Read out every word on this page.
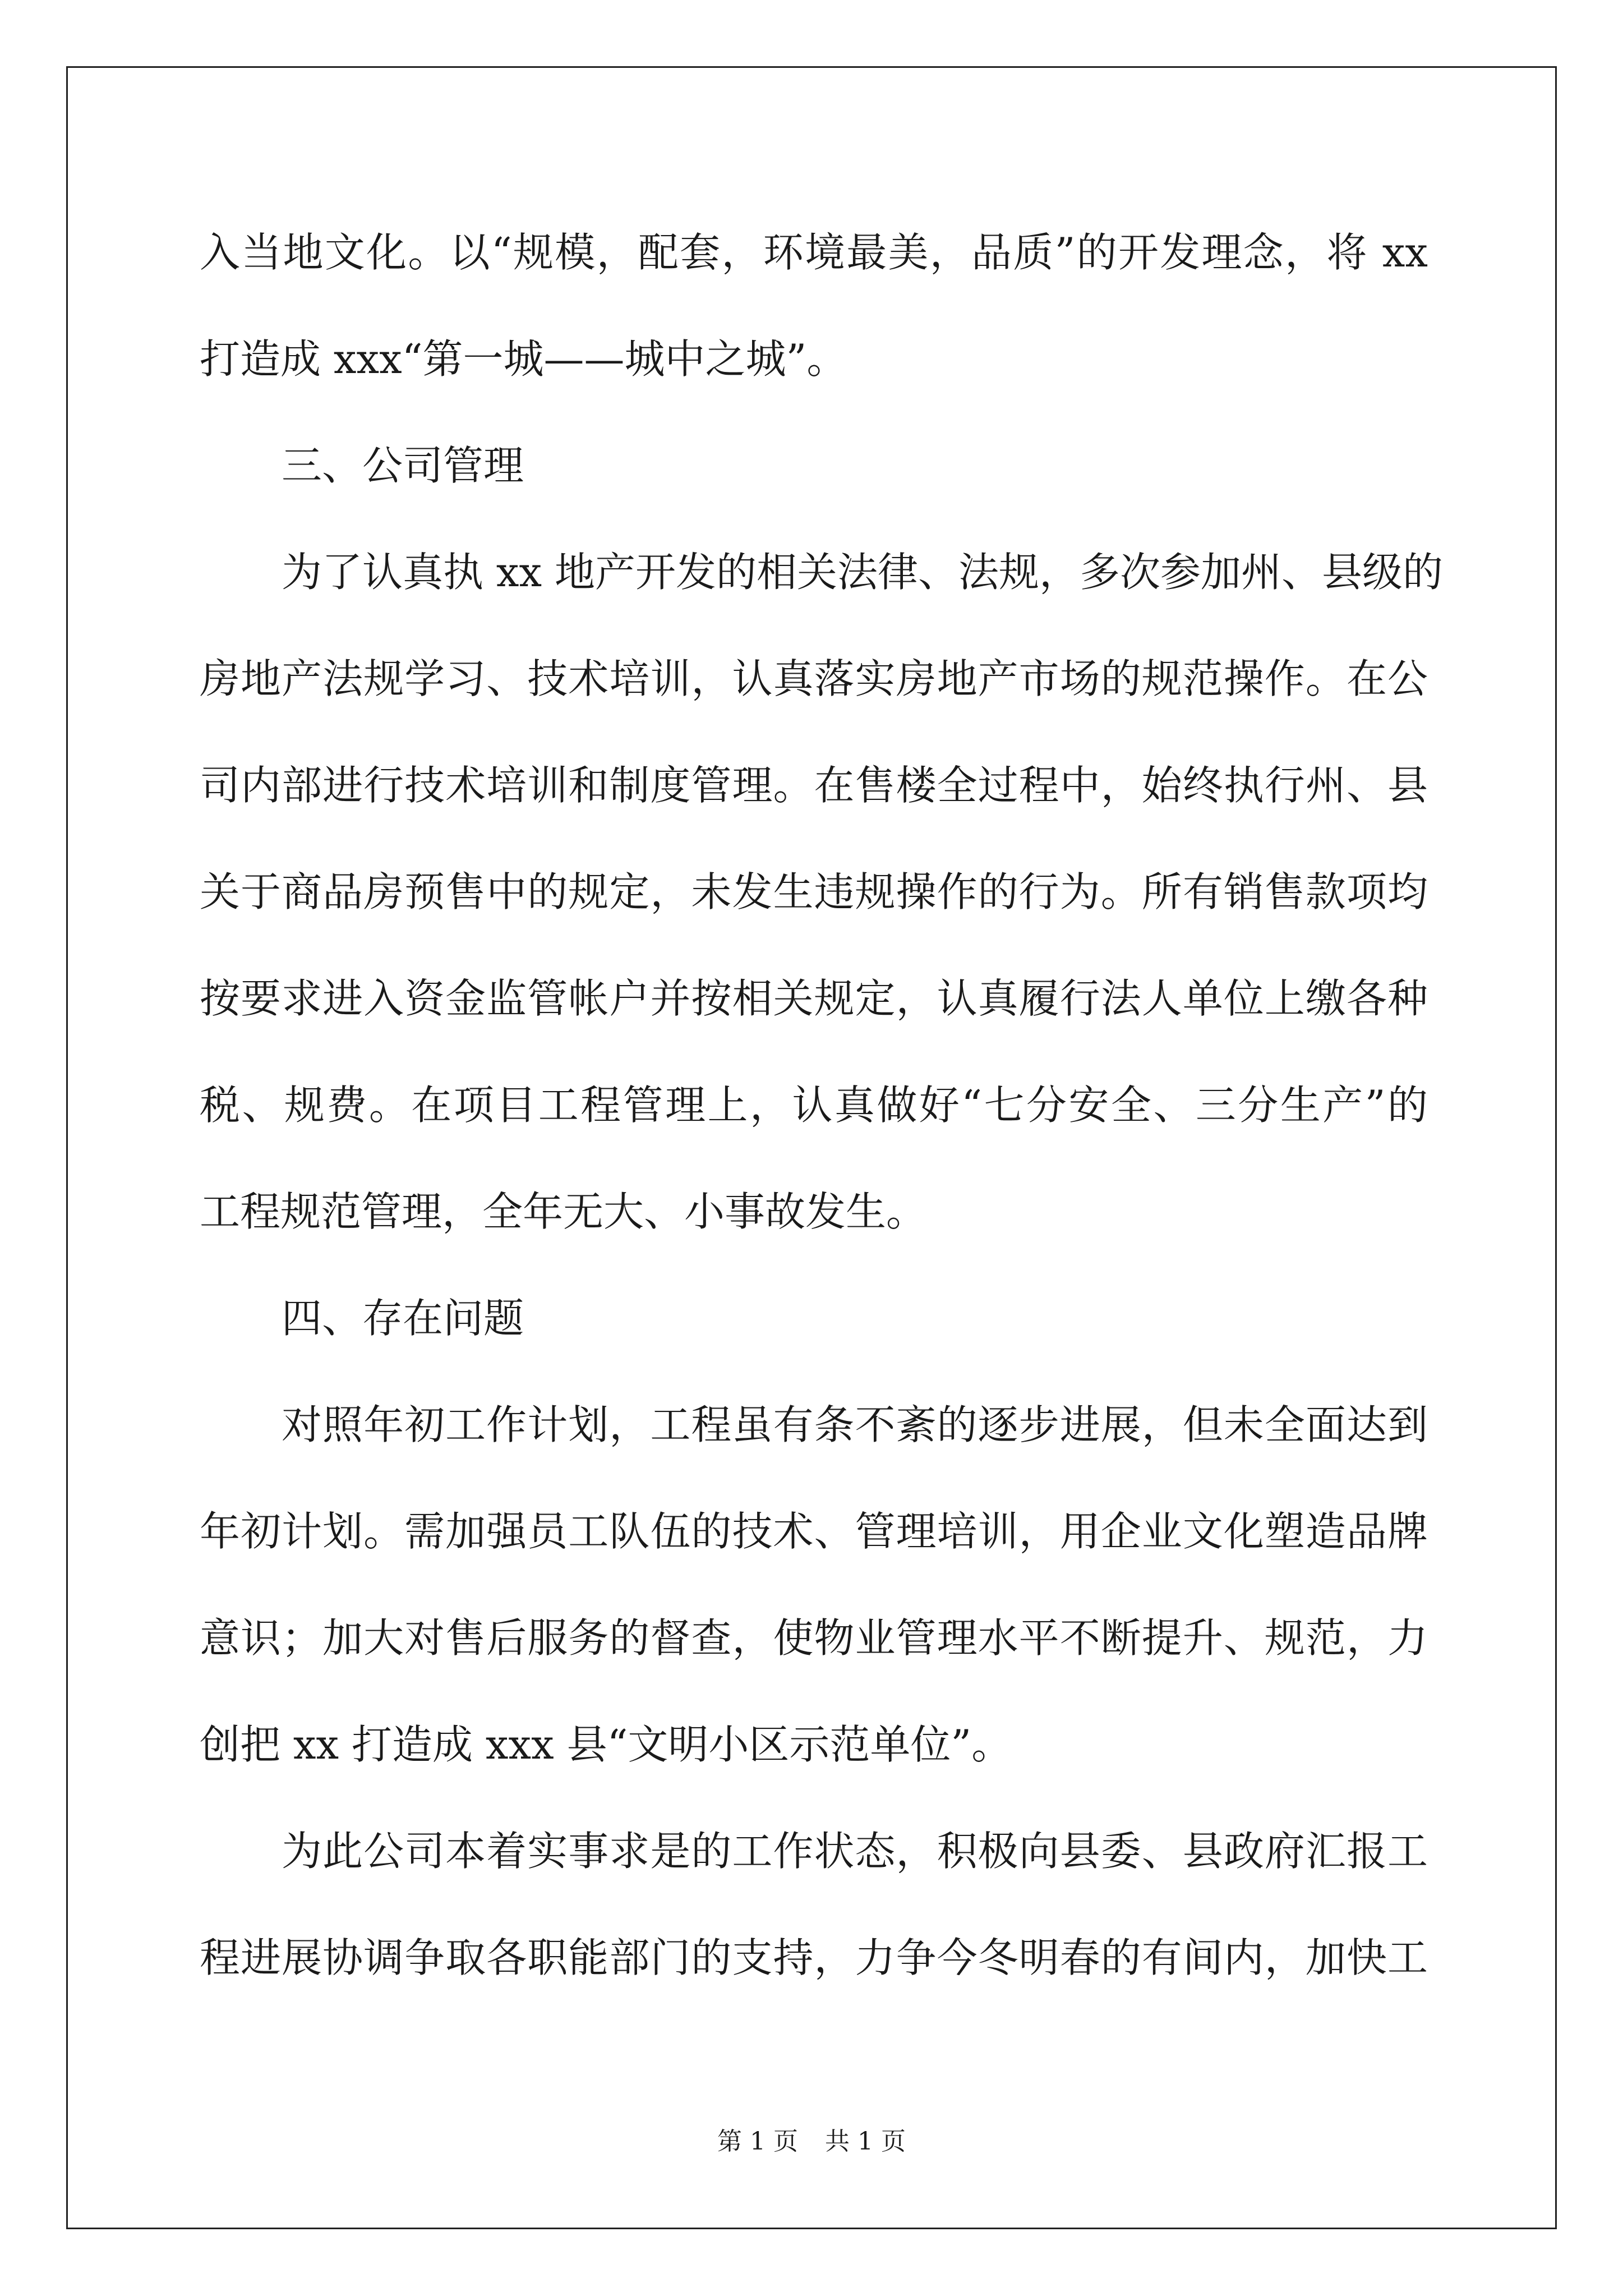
入当地文化。以“规模，配套，环境最美，品质”的开发理念，将 xx
打造成 xxx“第一城——城中之城”。
三、公司管理
为了认真执 xx 地产开发的相关法律、法规，多次参加州、县级的
房地产法规学习、技术培训，认真落实房地产市场的规范操作。在公
司内部进行技术培训和制度管理。在售楼全过程中，始终执行州、县
关于商品房预售中的规定，未发生违规操作的行为。所有销售款项均
按要求进入资金监管帐户并按相关规定，认真履行法人单位上缴各种
税、规费。在项目工程管理上，认真做好“七分安全、三分生产”的
工程规范管理，全年无大、小事故发生。
四、存在问题
对照年初工作计划，工程虽有条不紊的逐步进展，但未全面达到
年初计划。需加强员工队伍的技术、管理培训，用企业文化塑造品牌
意识；加大对售后服务的督查，使物业管理水平不断提升、规范，力
创把 xx 打造成 xxx 县“文明小区示范单位”。
为此公司本着实事求是的工作状态，积极向县委、县政府汇报工
程进展协调争取各职能部门的支持，力争今冬明春的有间内，加快工
第 1 页 共 1 页
